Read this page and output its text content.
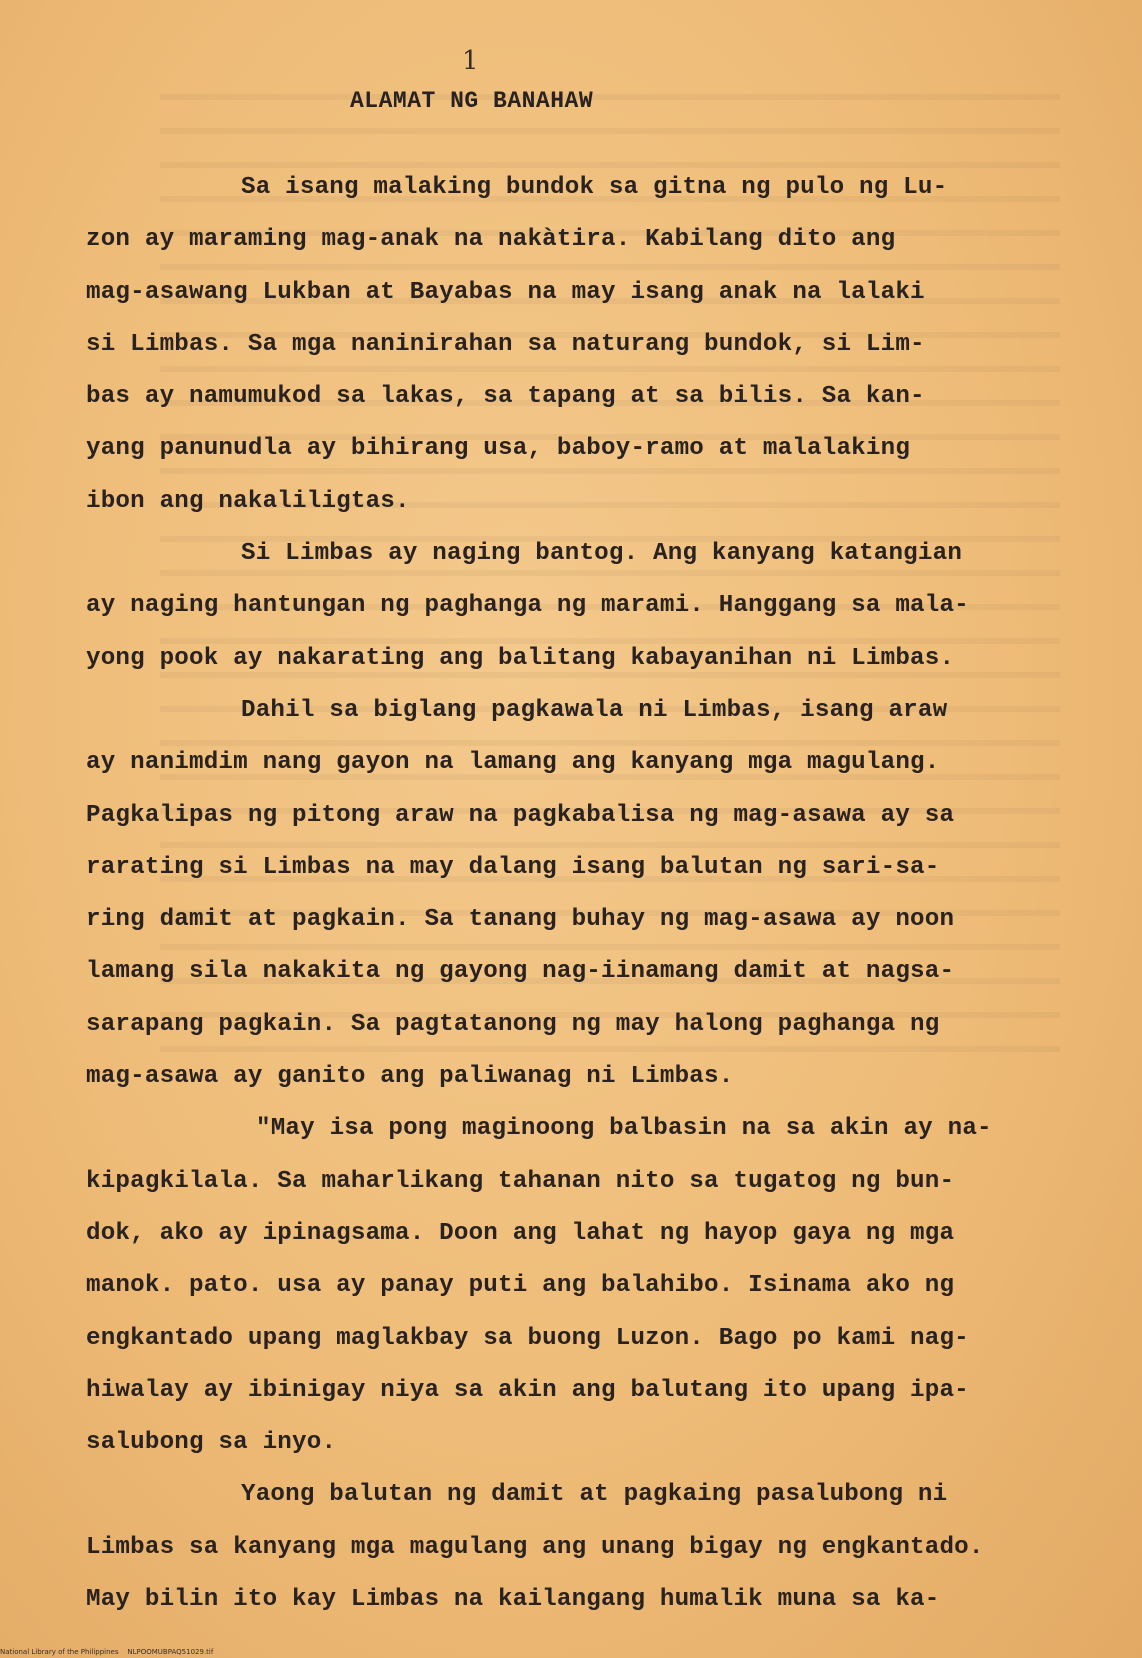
1
ALAMAT NG BANAHAW
Sa isang malaking bundok sa gitna ng pulo ng Lu-
zon ay maraming mag-anak na nakàtira. Kabilang dito ang
mag-asawang Lukban at Bayabas na may isang anak na lalaki
si Limbas. Sa mga naninirahan sa naturang bundok, si Lim-
bas ay namumukod sa lakas, sa tapang at sa bilis. Sa kan-
yang panunudla ay bihirang usa, baboy-ramo at malalaking
ibon ang nakaliligtas.
Si Limbas ay naging bantog. Ang kanyang katangian
ay naging hantungan ng paghanga ng marami. Hanggang sa mala-
yong pook ay nakarating ang balitang kabayanihan ni Limbas.
Dahil sa biglang pagkawala ni Limbas, isang araw
ay nanimdim nang gayon na lamang ang kanyang mga magulang.
Pagkalipas ng pitong araw na pagkabalisa ng mag-asawa ay sa
rarating si Limbas na may dalang isang balutan ng sari-sa-
ring damit at pagkain. Sa tanang buhay ng mag-asawa ay noon
lamang sila nakakita ng gayong nag-iinamang damit at nagsa-
sarapang pagkain. Sa pagtatanong ng may halong paghanga ng
mag-asawa ay ganito ang paliwanag ni Limbas.
"May isa pong maginoong balbasin na sa akin ay na-
kipagkilala. Sa maharlikang tahanan nito sa tugatog ng bun-
dok, ako ay ipinagsama. Doon ang lahat ng hayop gaya ng mga
manok. pato. usa ay panay puti ang balahibo. Isinama ako ng
engkantado upang maglakbay sa buong Luzon. Bago po kami nag-
hiwalay ay ibinigay niya sa akin ang balutang ito upang ipa-
salubong sa inyo.
Yaong balutan ng damit at pagkaing pasalubong ni
Limbas sa kanyang mga magulang ang unang bigay ng engkantado.
May bilin ito kay Limbas na kailangang humalik muna sa ka-
National Library of the Philippines    NLPOOMUBPAQ51029.tif
